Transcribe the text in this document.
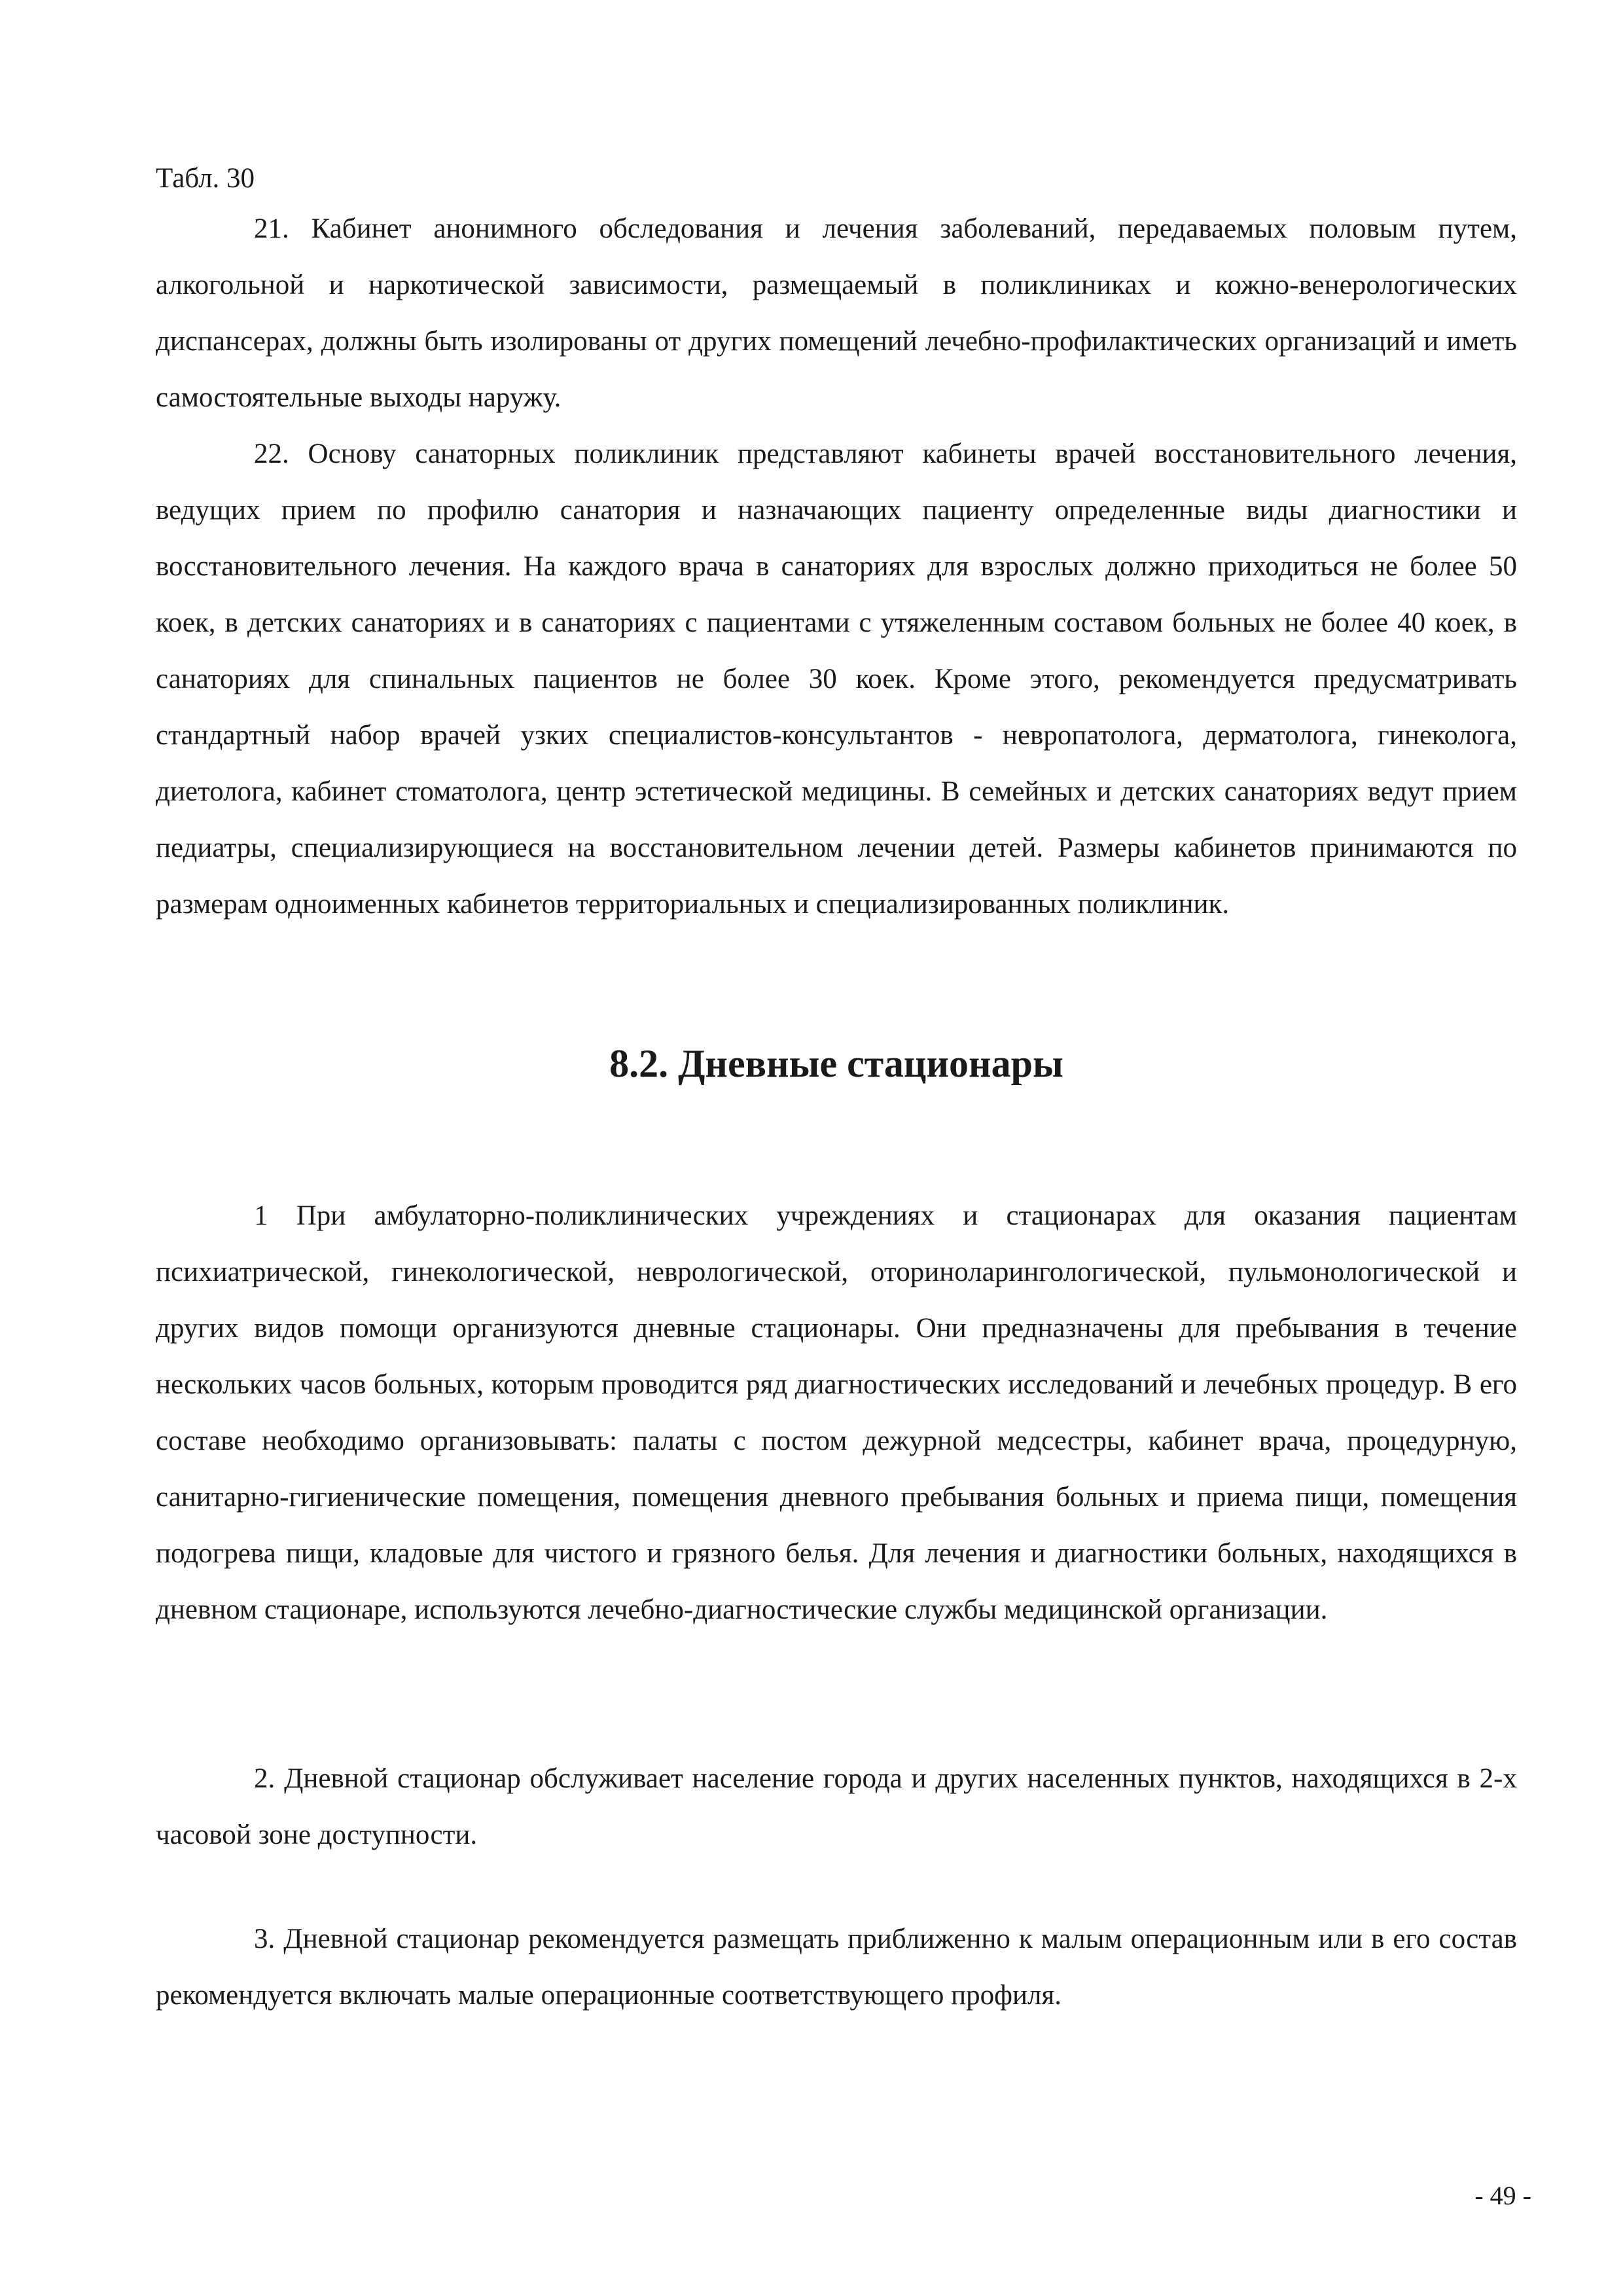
Табл. 30

21. Кабинет анонимного обследования и лечения заболеваний, передаваемых половым путем, алкогольной и наркотической зависимости, размещаемый в поликлиниках и кожно-венерологических диспансерах, должны быть изолированы от других помещений лечебно-профилактических организаций и иметь самостоятельные выходы наружу.

22. Основу санаторных поликлиник представляют кабинеты врачей восстановительного лечения, ведущих прием по профилю санатория и назначающих пациенту определенные виды диагностики и восстановительного лечения. На каждого врача в санаториях для взрослых должно приходиться не более 50 коек, в детских санаториях и в санаториях с пациентами с утяжеленным составом больных не более 40 коек, в санаториях для спинальных пациентов не более 30 коек. Кроме этого, рекомендуется предусматривать стандартный набор врачей узких специалистов-консультантов - невропатолога, дерматолога, гинеколога, диетолога, кабинет стоматолога, центр эстетической медицины. В семейных и детских санаториях ведут прием педиатры, специализирующиеся на восстановительном лечении детей. Размеры кабинетов принимаются по размерам одноименных кабинетов территориальных и специализированных поликлиник.

8.2. Дневные стационары

1 При амбулаторно-поликлинических учреждениях и стационарах для оказания пациентам психиатрической, гинекологической, неврологической, оториноларингологической, пульмонологической и других видов помощи организуются дневные стационары. Они предназначены для пребывания в течение нескольких часов больных, которым проводится ряд диагностических исследований и лечебных процедур. В его составе необходимо организовывать: палаты с постом дежурной медсестры, кабинет врача, процедурную, санитарно-гигиенические помещения, помещения дневного пребывания больных и приема пищи, помещения подогрева пищи, кладовые для чистого и грязного белья. Для лечения и диагностики больных, находящихся в дневном стационаре, используются лечебно-диагностические службы медицинской организации.

2. Дневной стационар обслуживает население города и других населенных пунктов, находящихся в 2-х часовой зоне доступности.

3. Дневной стационар рекомендуется размещать приближенно к малым операционным или в его состав рекомендуется включать малые операционные соответствующего профиля.

- 49 -
